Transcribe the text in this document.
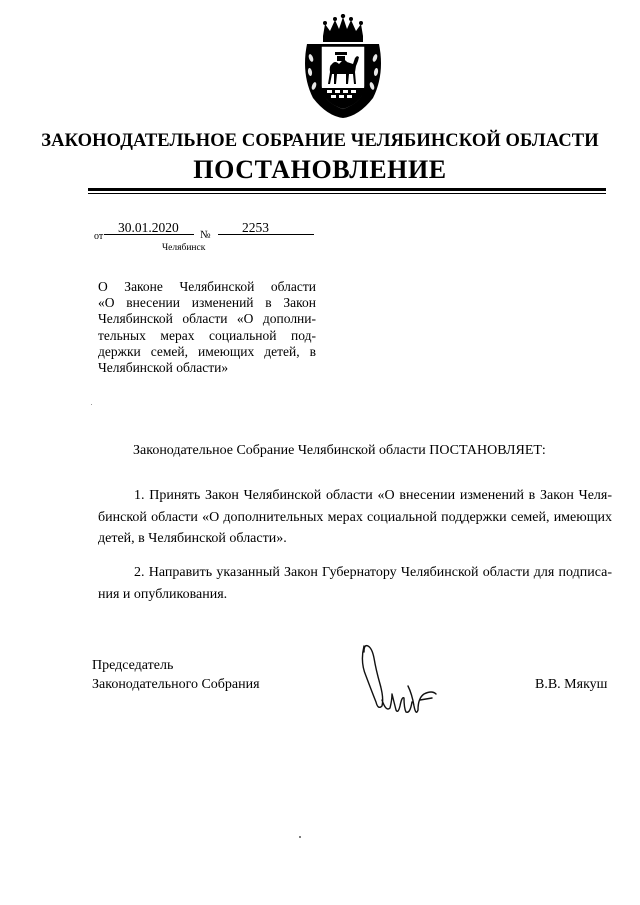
ЗАКОНОДАТЕЛЬНОЕ СОБРАНИЕ ЧЕЛЯБИНСКОЙ ОБЛАСТИ
ПОСТАНОВЛЕНИЕ
от
30.01.2020 № 2253
Челябинск
О Законе Челябинской области
«О внесении изменений в Закон
Челябинской области «О дополни-
тельных мерах социальной под-
держки семей, имеющих детей, в
Челябинской области»
Законодательное Собрание Челябинской области ПОСТАНОВЛЯЕТ:
1. Принять Закон Челябинской области «О внесении изменений в Закон Челя-
бинской области «О дополнительных мерах социальной поддержки семей, имеющих
детей, в Челябинской области».
2. Направить указанный Закон Губернатору Челябинской области для подписа-
ния и опубликования.
Председатель
Законодательного Собрания	В.В. Мякуш
